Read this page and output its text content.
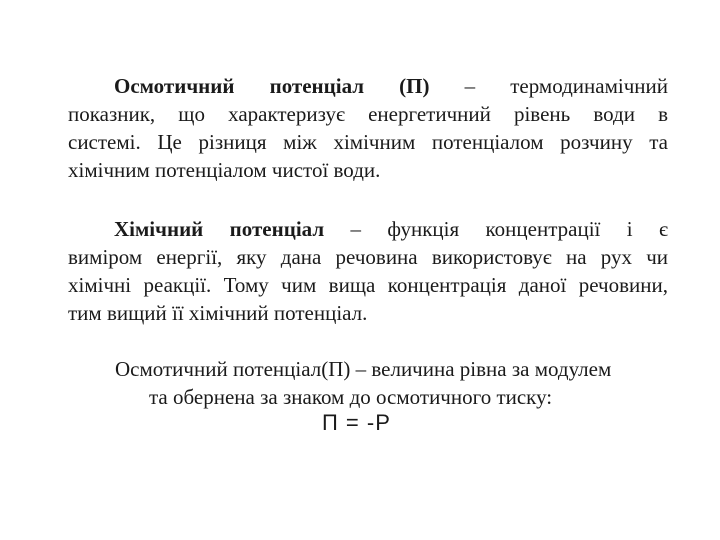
Осмотичний потенціал (П) – термодинамічний
показник, що характеризує енергетичний рівень води в
системі. Це різниця між хімічним потенціалом розчину та
хімічним потенціалом чистої води.
Хімічний потенціал – функція концентрації і є
виміром енергії, яку дана речовина використовує на рух чи
хімічні реакції. Тому чим вища концентрація даної речовини,
тим вищий її хімічний потенціал.
Осмотичний потенціал(П) – величина рівна за модулем
та обернена за знаком до осмотичного тиску:
П = -Р
